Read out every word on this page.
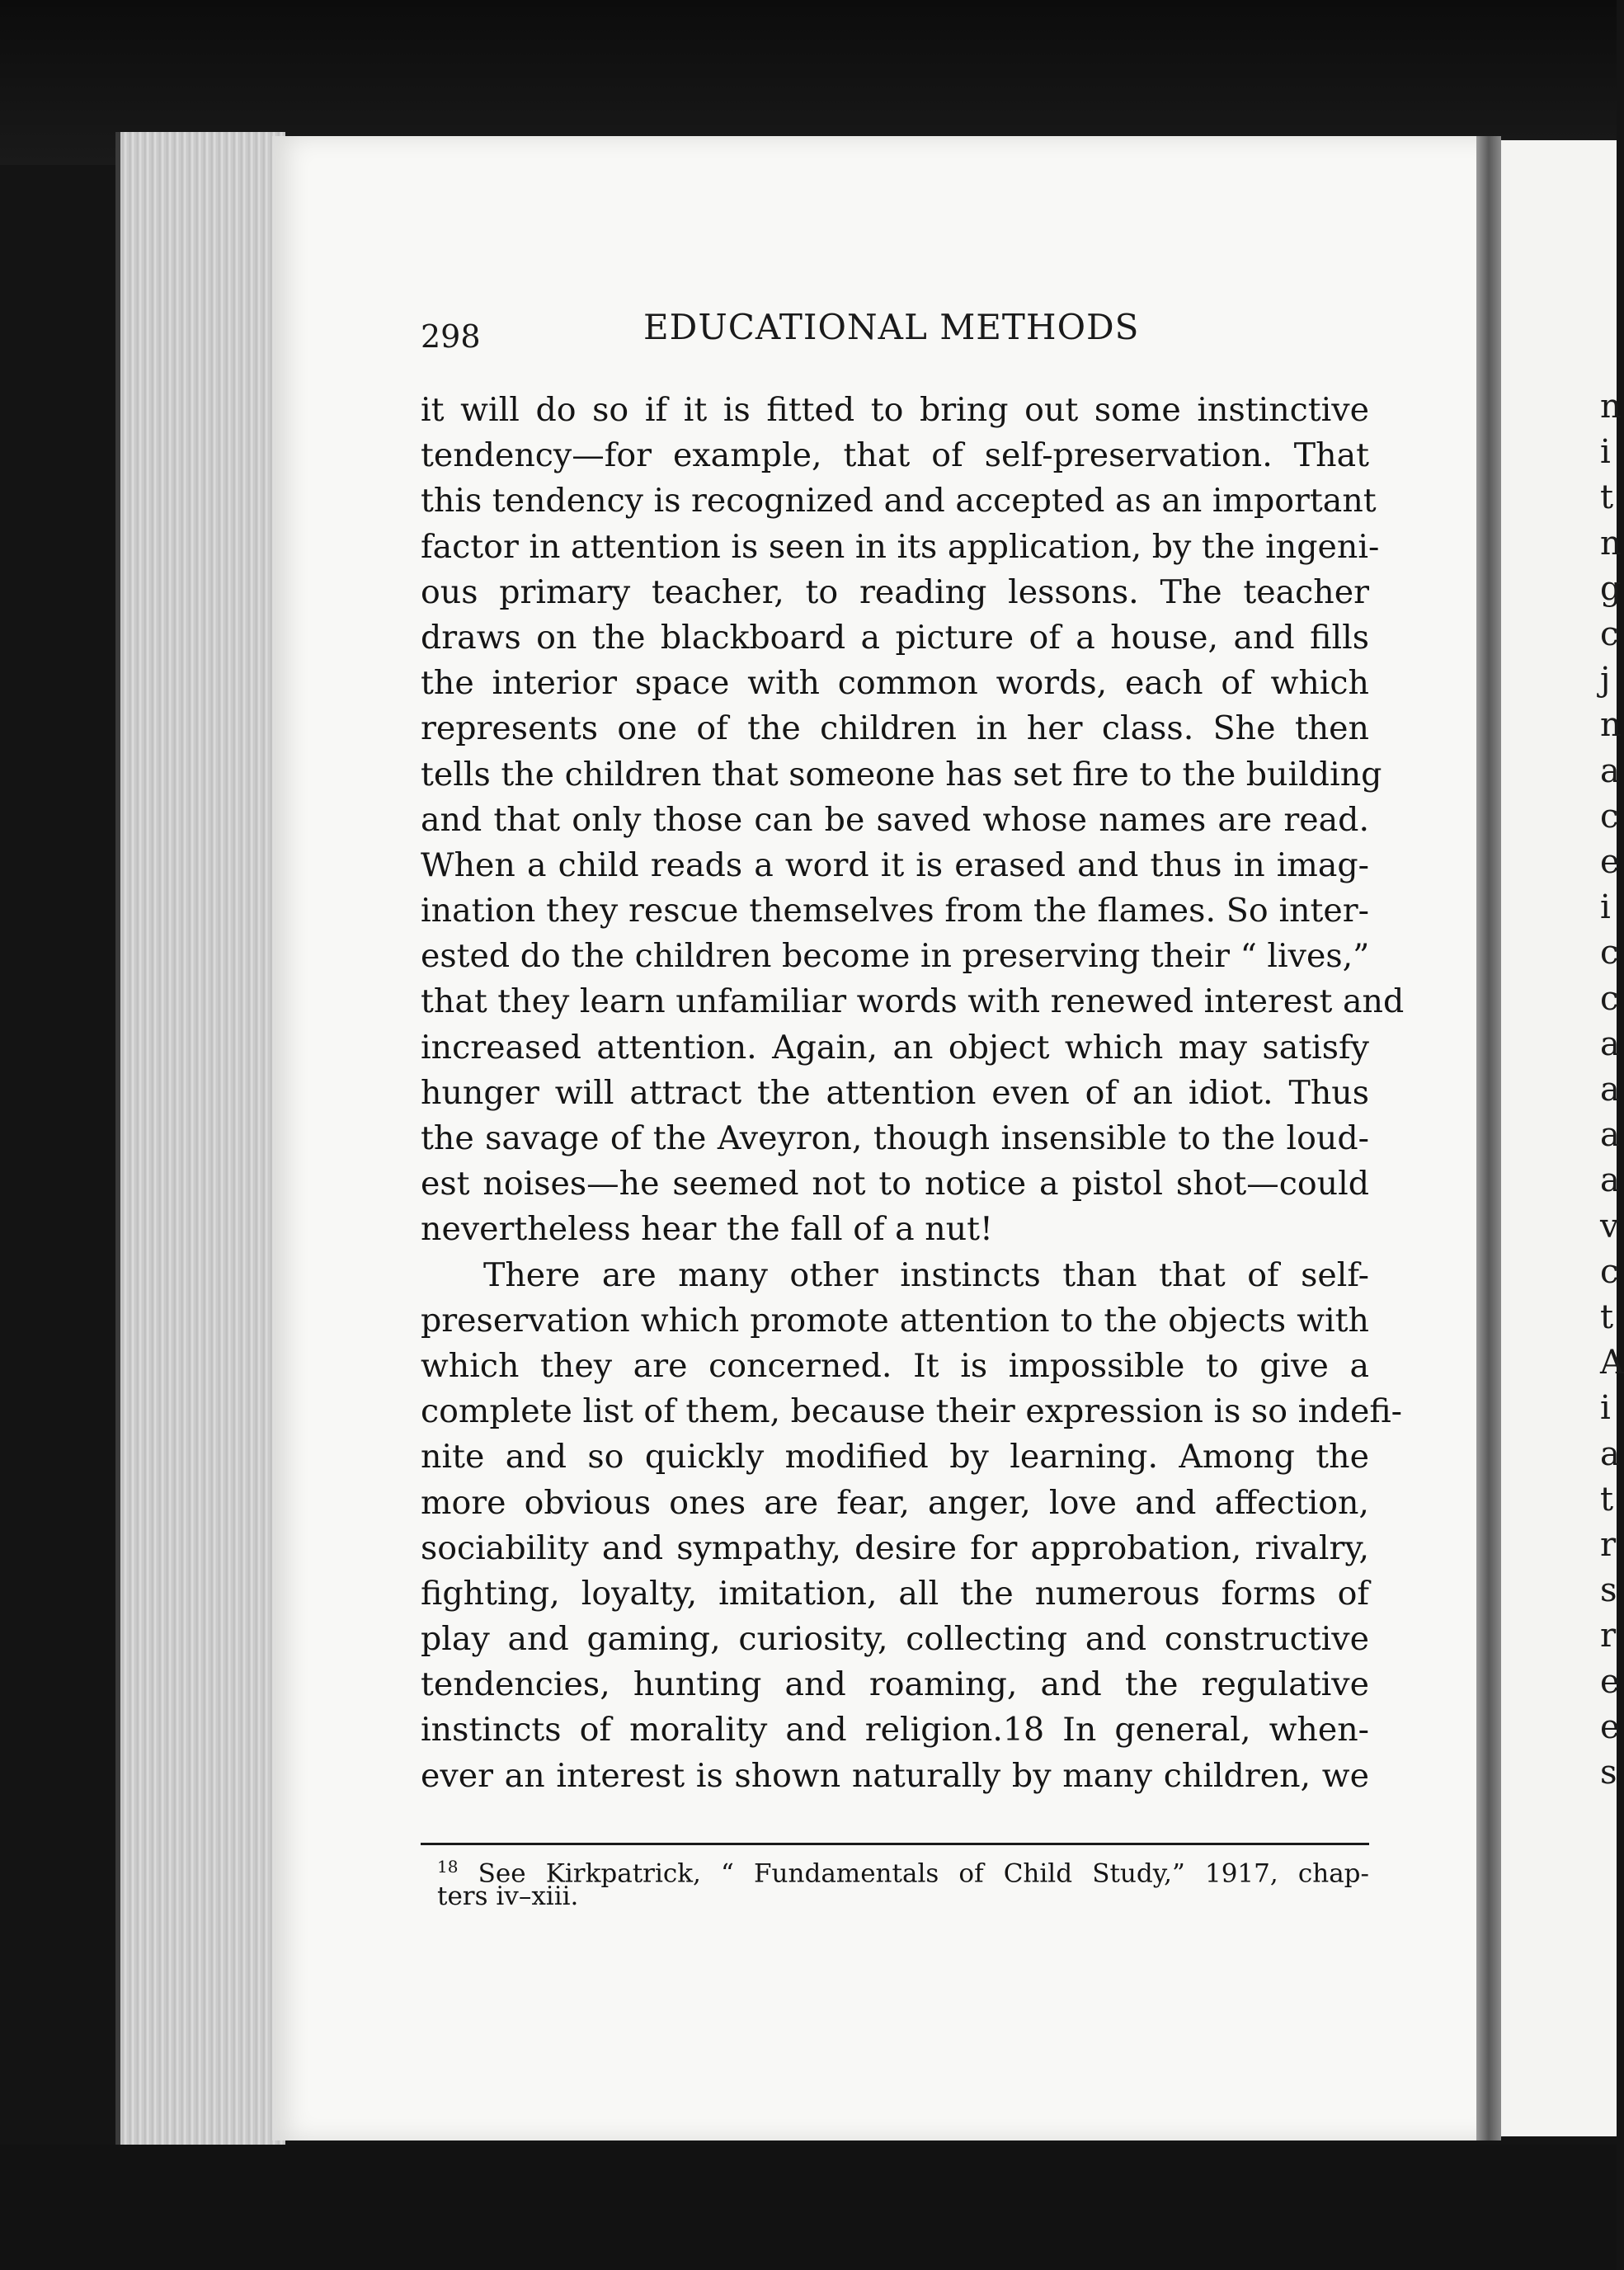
n
i
t
n
g
c
j
n
a
c
e
i
c
c
a
a
a
a
v
c
t
A
i
a
t
r
s
r
e
e
s
298	EDUCATIONAL METHODS
it will do so if it is fitted to bring out some instinctive
tendency—for example, that of self-preservation. That
this tendency is recognized and accepted as an important
factor in attention is seen in its application, by the ingeni-
ous primary teacher, to reading lessons. The teacher
draws on the blackboard a picture of a house, and fills
the interior space with common words, each of which
represents one of the children in her class. She then
tells the children that someone has set fire to the building
and that only those can be saved whose names are read.
When a child reads a word it is erased and thus in imag-
ination they rescue themselves from the flames. So inter-
ested do the children become in preserving their “ lives,”
that they learn unfamiliar words with renewed interest and
increased attention. Again, an object which may satisfy
hunger will attract the attention even of an idiot. Thus
the savage of the Aveyron, though insensible to the loud-
est noises—he seemed not to notice a pistol shot—could
nevertheless hear the fall of a nut!
There are many other instincts than that of self-
preservation which promote attention to the objects with
which they are concerned. It is impossible to give a
complete list of them, because their expression is so indefi-
nite and so quickly modified by learning. Among the
more obvious ones are fear, anger, love and affection,
sociability and sympathy, desire for approbation, rivalry,
fighting, loyalty, imitation, all the numerous forms of
play and gaming, curiosity, collecting and constructive
tendencies, hunting and roaming, and the regulative
instincts of morality and religion.18 In general, when-
ever an interest is shown naturally by many children, we
$^{18}$ See Kirkpatrick, “ Fundamentals of Child Study,” 1917, chap-
ters iv–xiii.
